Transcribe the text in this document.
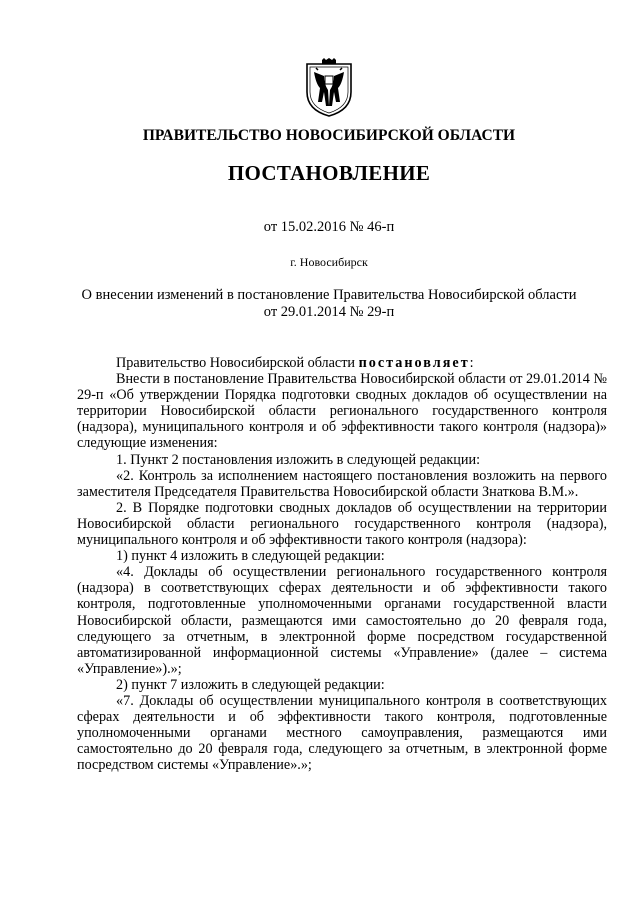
ПРАВИТЕЛЬСТВО НОВОСИБИРСКОЙ ОБЛАСТИ
ПОСТАНОВЛЕНИЕ
от 15.02.2016 № 46-п
г. Новосибирск
О внесении изменений в постановление Правительства Новосибирской области
от 29.01.2014 № 29-п

Правительство Новосибирской области постановляет:

Внести в постановление Правительства Новосибирской области от 29.01.2014 № 29-п «Об утверждении Порядка подготовки сводных докладов об осуществлении на территории Новосибирской области регионального государственного контроля (надзора), муниципального контроля и об эффективности такого контроля (надзора)» следующие изменения:

1. Пункт 2 постановления изложить в следующей редакции:

«2. Контроль за исполнением настоящего постановления возложить на первого заместителя Председателя Правительства Новосибирской области Знаткова В.М.».

2. В Порядке подготовки сводных докладов об осуществлении на территории Новосибирской области регионального государственного контроля (надзора), муниципального контроля и об эффективности такого контроля (надзора):

1) пункт 4 изложить в следующей редакции:

«4. Доклады об осуществлении регионального государственного контроля (надзора) в соответствующих сферах деятельности и об эффективности такого контроля, подготовленные уполномоченными органами государственной власти Новосибирской области, размещаются ими самостоятельно до 20 февраля года, следующего за отчетным, в электронной форме посредством государственной автоматизированной информационной системы «Управление» (далее – система «Управление»).»;

2) пункт 7 изложить в следующей редакции:

«7. Доклады об осуществлении муниципального контроля в соответствующих сферах деятельности и об эффективности такого контроля, подготовленные уполномоченными органами местного самоуправления, размещаются ими самостоятельно до 20 февраля года, следующего за отчетным, в электронной форме посредством системы «Управление».»;
